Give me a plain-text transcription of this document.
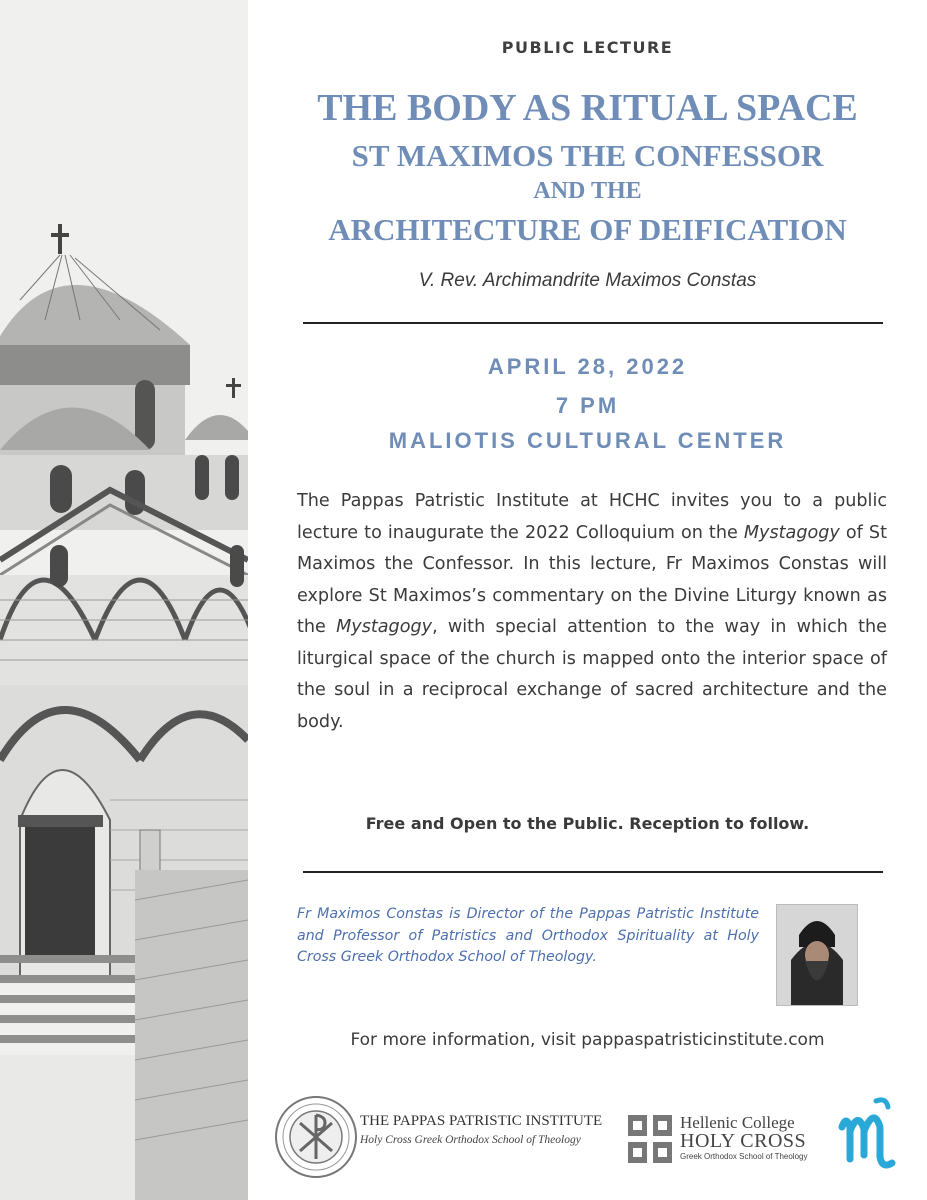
PUBLIC LECTURE
THE BODY AS RITUAL SPACE
ST MAXIMOS THE CONFESSOR
AND THE
ARCHITECTURE OF DEIFICATION
V. Rev. Archimandrite Maximos Constas
APRIL 28, 2022
7 PM
MALIOTIS CULTURAL CENTER
The Pappas Patristic Institute at HCHC invites you to a public lecture to inaugurate the 2022 Colloquium on the Mystagogy of St Maximos the Confessor. In this lecture, Fr Maximos Constas will explore St Maximos’s commentary on the Divine Liturgy known as the Mystagogy, with special attention to the way in which the liturgical space of the church is mapped onto the interior space of the soul in a reciprocal exchange of sacred architecture and the body.
Free and Open to the Public. Reception to follow.
Fr Maximos Constas is Director of the Pappas Patristic Institute and Professor of Patristics and Orthodox Spirituality at Holy Cross Greek Orthodox School of Theology.
For more information, visit pappaspatristicinstitute.com
THE PAPPAS PATRISTIC INSTITUTE
Holy Cross Greek Orthodox School of Theology
Hellenic College
HOLY CROSS
Greek Orthodox School of Theology
